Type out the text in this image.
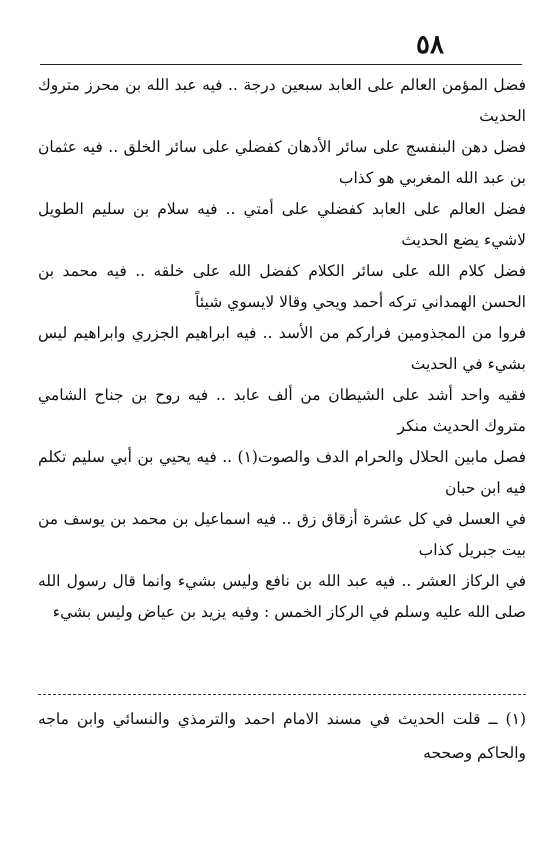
٥٨

فضل المؤمن العالم على العابد سبعين درجة .. فيه عبد الله بن محرز متروك الحديث

فضل دهن البنفسج على سائر الأدهان كفضلي على سائر الخلق .. فيه عثمان بن عبد الله المغربي هو كذاب

فضل العالم على العابد كفضلي على أمتي .. فيه سلام بن سليم الطويل لاشيء يضع الحديث

فضل كلام الله على سائر الكلام كفضل الله على خلقه .. فيه محمد بن الحسن الهمداني تركه أحمد ويحي وقالا لايسوي شيئاً

فروا من المجذومين فراركم من الأسد .. فيه ابراهيم الجزري وابراهيم ليس بشيء في الحديث

فقيه واحد أشد على الشيطان من ألف عابد .. فيه روح بن جناح الشامي متروك الحديث منكر

فصل مابين الحلال والحرام الدف والصوت(١) .. فيه يحيي بن أبي سليم تكلم فيه ابن حبان

في العسل في كل عشرة أزقاق زق .. فيه اسماعيل بن محمد بن يوسف من بيت جبريل كذاب

في الركاز العشر .. فيه عبد الله بن نافع وليس بشيء وانما قال رسول الله صلى الله عليه وسلم في الركاز الخمس : وفيه يزيد بن عياض وليس بشيء

(١) ــ قلت الحديث في مسند الامام احمد والترمذي والنسائي وابن ماجه والحاكم وصححه
